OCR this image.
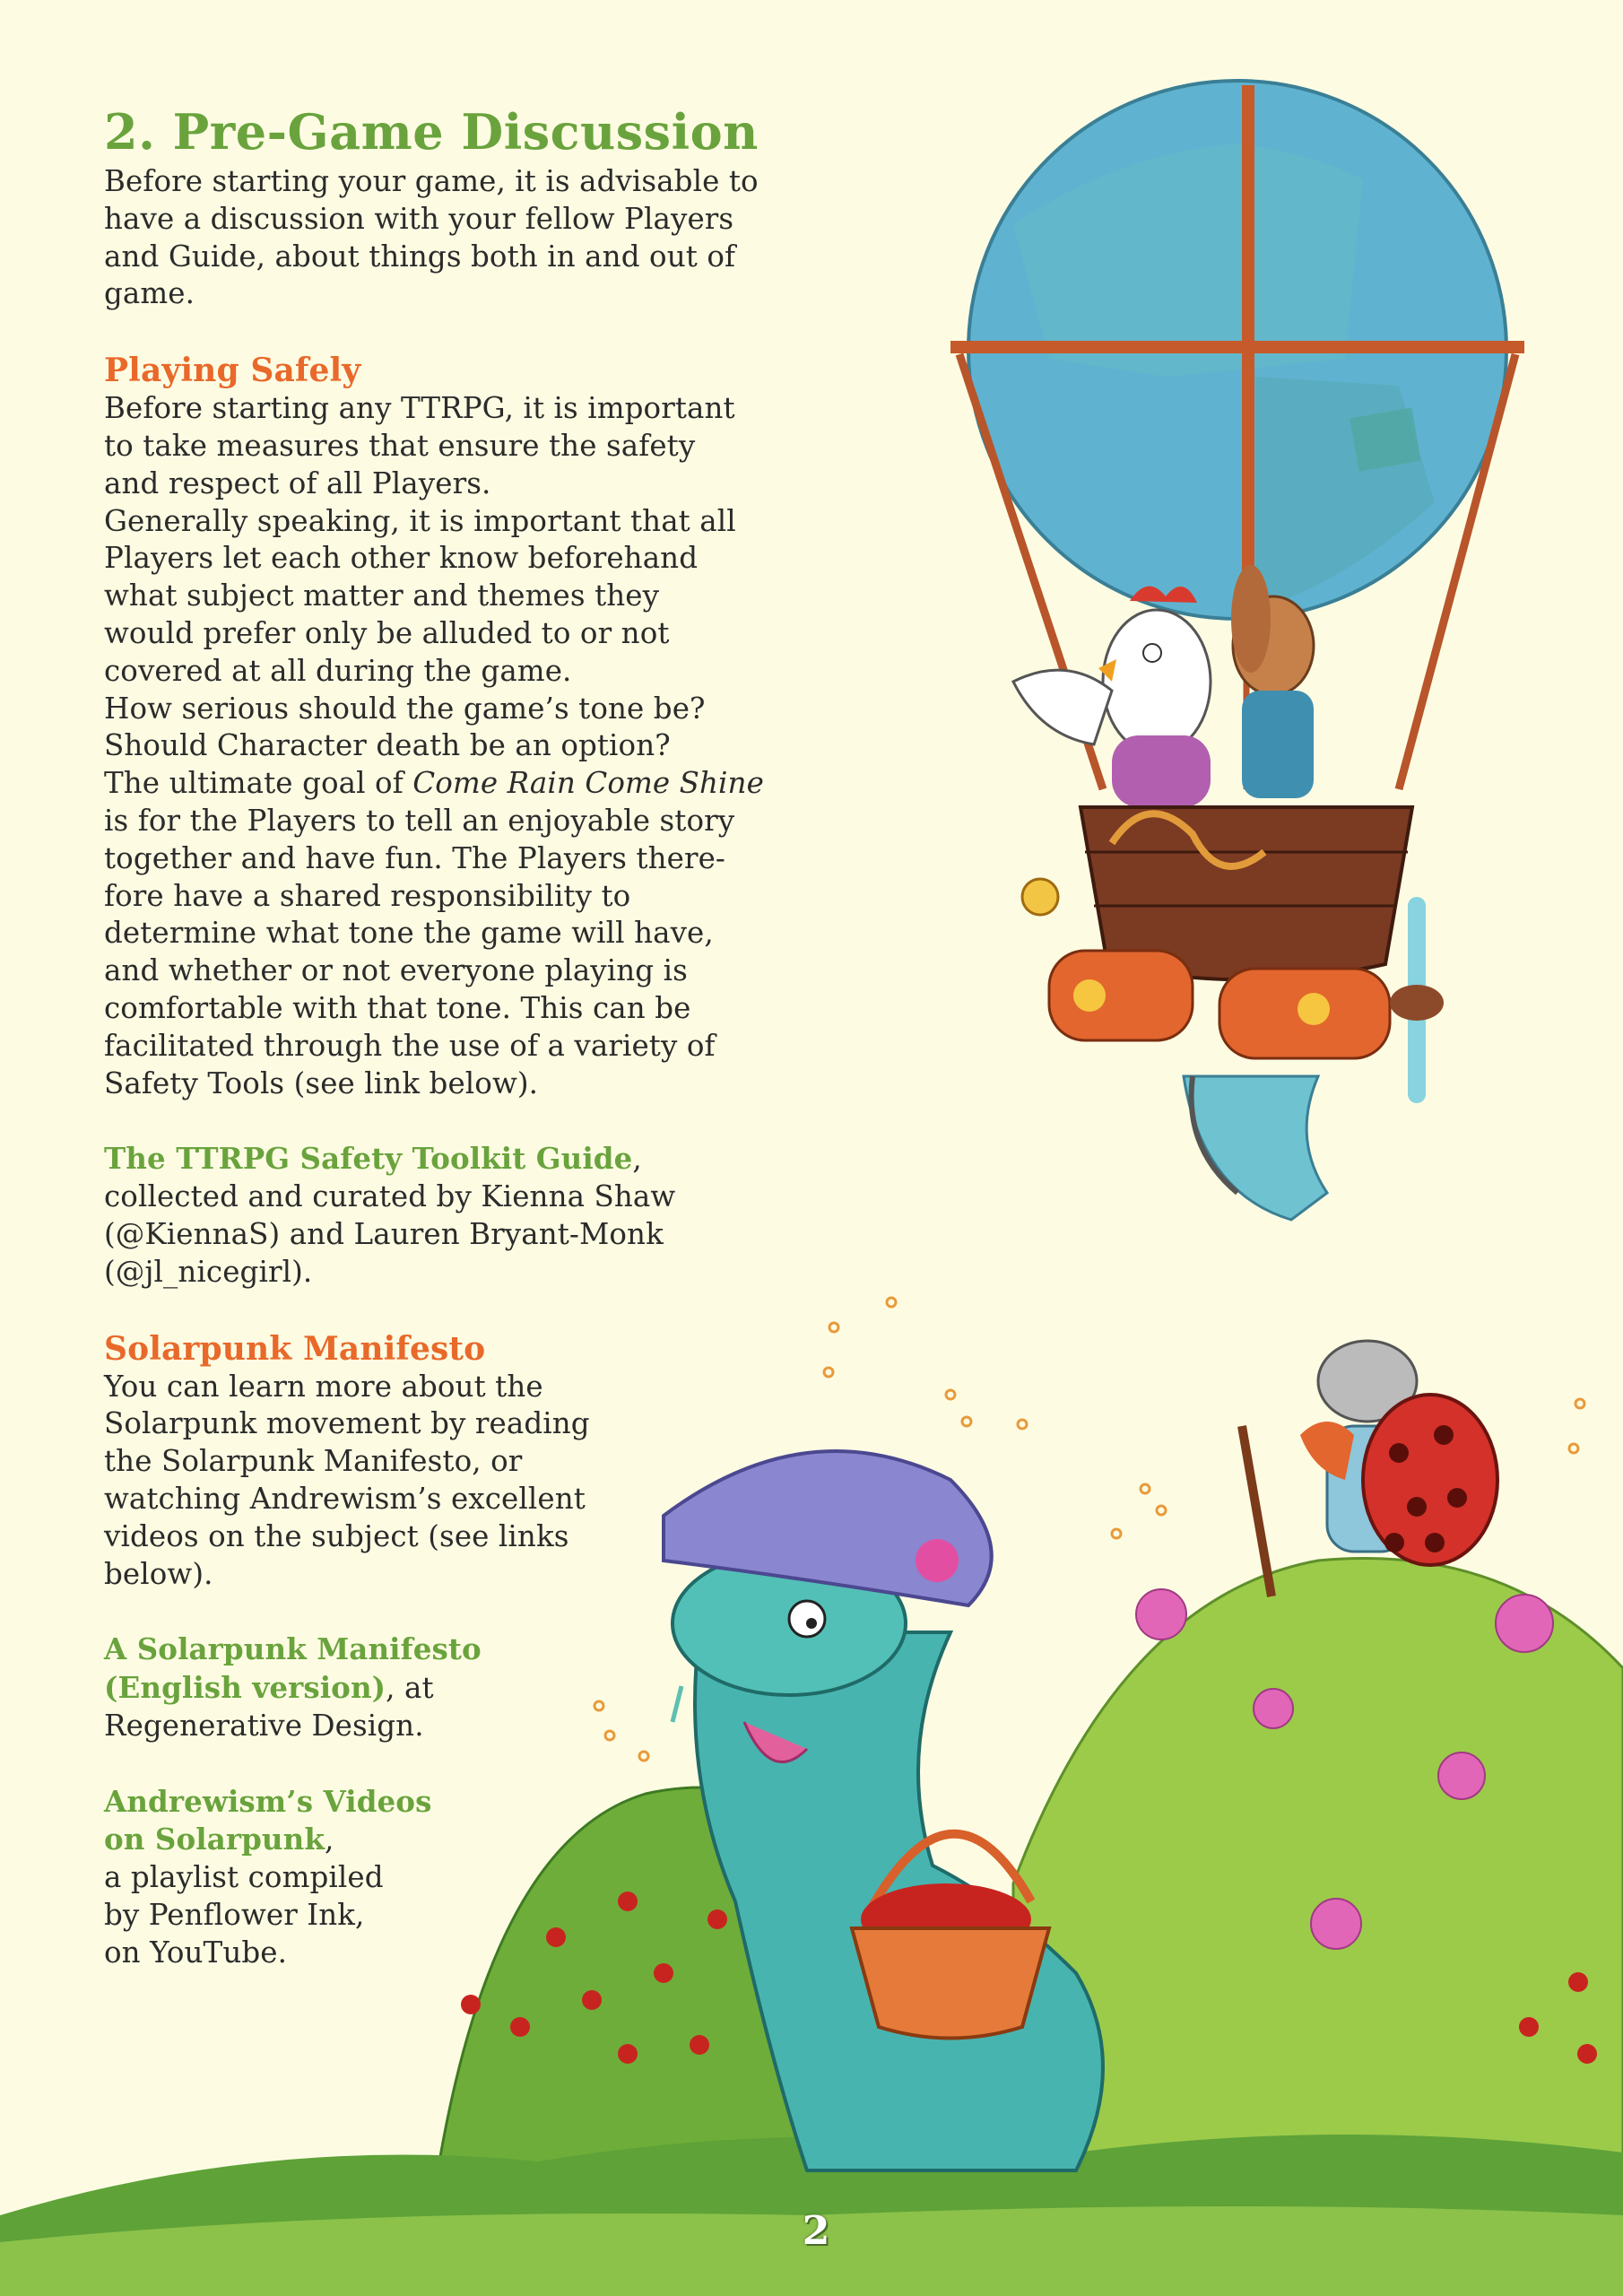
2. Pre-Game Discussion

Before starting your game, it is advisable to

have a discussion with your fellow Players

and Guide, about things both in and out of

game.

Playing Safely

Before starting any TTRPG, it is important

to take measures that ensure the safety

and respect of all Players.

Generally speaking, it is important that all

Players let each other know beforehand

what subject matter and themes they

would prefer only be alluded to or not

covered at all during the game.

How serious should the game’s tone be?

Should Character death be an option?

The ultimate goal of Come Rain Come Shine

is for the Players to tell an enjoyable story

together and have fun. The Players there-

fore have a shared responsibility to

determine what tone the game will have,

and whether or not everyone playing is

comfortable with that tone. This can be

facilitated through the use of a variety of

Safety Tools (see link below).

The TTRPG Safety Toolkit Guide,

collected and curated by Kienna Shaw

(@KiennaS) and Lauren Bryant-Monk

(@jl_nicegirl).

Solarpunk Manifesto

You can learn more about the

Solarpunk movement by reading

the Solarpunk Manifesto, or

watching Andrewism’s excellent

videos on the subject (see links

below).

A Solarpunk Manifesto

(English version), at

Regenerative Design.

Andrewism’s Videos

on Solarpunk,

a playlist compiled

by Penflower Ink,

on YouTube.

2
